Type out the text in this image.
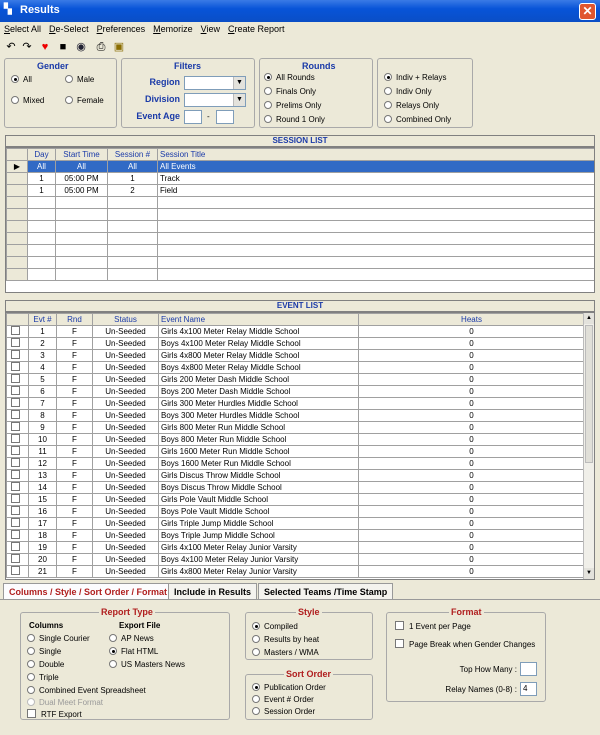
▚ Results	✕
Select All De-Select Preferences Memorize View Create Report
↶ ↷ ♥	■ ◉ ⎙ ▣
Gender
All	Male
Mixed	Female
Filters
Region	▼
Division	▼
Event Age	-
Rounds
All Rounds
Finals Only
Prelims Only
Round 1 Only
Indiv + Relays
Indiv Only
Relays Only
Combined Only
SESSION LIST
	Day	Start Time	Session #	Session Title
▶	All	All	All	All Events
	1	05:00 PM	1	Track
	1	05:00 PM	2	Field

EVENT LIST
	Evt #	Rnd	Status	Event Name	Heats
	1	F	Un-Seeded	Girls 4x100 Meter Relay Middle School	0
	2	F	Un-Seeded	Boys 4x100 Meter Relay Middle School	0
	3	F	Un-Seeded	Girls 4x800 Meter Relay Middle School	0
	4	F	Un-Seeded	Boys 4x800 Meter Relay Middle School	0
	5	F	Un-Seeded	Girls 200 Meter Dash Middle School	0
	6	F	Un-Seeded	Boys 200 Meter Dash Middle School	0
	7	F	Un-Seeded	Girls 300 Meter Hurdles Middle School	0
	8	F	Un-Seeded	Boys 300 Meter Hurdles Middle School	0
	9	F	Un-Seeded	Girls 800 Meter Run Middle School	0
	10	F	Un-Seeded	Boys 800 Meter Run Middle School	0
	11	F	Un-Seeded	Girls 1600 Meter Run Middle School	0
	12	F	Un-Seeded	Boys 1600 Meter Run Middle School	0
	13	F	Un-Seeded	Girls Discus Throw Middle School	0
	14	F	Un-Seeded	Boys Discus Throw Middle School	0
	15	F	Un-Seeded	Girls Pole Vault Middle School	0
	16	F	Un-Seeded	Boys Pole Vault Middle School	0
	17	F	Un-Seeded	Girls Triple Jump Middle School	0
	18	F	Un-Seeded	Boys Triple Jump Middle School	0
	19	F	Un-Seeded	Girls 4x100 Meter Relay Junior Varsity	0
	20	F	Un-Seeded	Boys 4x100 Meter Relay Junior Varsity	0
	21	F	Un-Seeded	Girls 4x800 Meter Relay Junior Varsity	0
▲
▼
Columns / Style / Sort Order / Format Include in Results	Selected Teams /Time Stamp
Report Type
Columns	Export File
Single Courier
Single
Double
Triple
Combined Event Spreadsheet
Dual Meet Format
AP News
Flat HTML
US Masters News
RTF Export
Style
Compiled
Results by heat
Masters / WMA
Sort Order
Publication Order
Event # Order
Session Order
Format
1 Event per Page
Page Break when Gender Changes
Top How Many :
Relay Names (0-8) : 4
